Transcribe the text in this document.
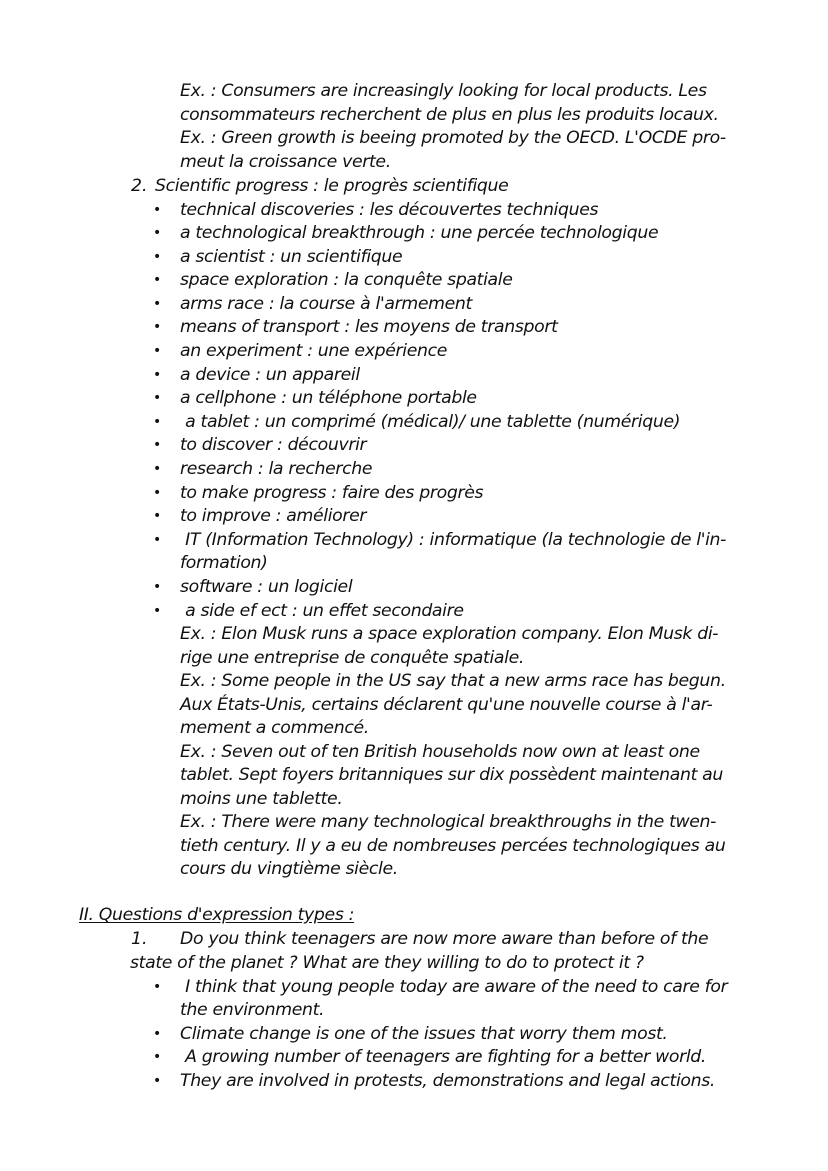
Ex. : Consumers are increasingly looking for local products. Les
consommateurs recherchent de plus en plus les produits locaux.
Ex. : Green growth is beeing promoted by the OECD. L'OCDE pro-
meut la croissance verte.
2. Scientific progress : le progrès scientifique
• technical discoveries : les découvertes techniques
• a technological breakthrough : une percée technologique
• a scientist : un scientifique
• space exploration : la conquête spatiale
• arms race : la course à l'armement
• means of transport : les moyens de transport
• an experiment : une expérience
• a device : un appareil
• a cellphone : un téléphone portable
• a tablet : un comprimé (médical)/ une tablette (numérique)
• to discover : découvrir
• research : la recherche
• to make progress : faire des progrès
• to improve : améliorer
• IT (Information Technology) : informatique (la technologie de l'in-
formation)
• software : un logiciel
• a side ef ect : un effet secondaire
Ex. : Elon Musk runs a space exploration company. Elon Musk di-
rige une entreprise de conquête spatiale.
Ex. : Some people in the US say that a new arms race has begun.
Aux États-Unis, certains déclarent qu'une nouvelle course à l'ar-
mement a commencé.
Ex. : Seven out of ten British households now own at least one
tablet. Sept foyers britanniques sur dix possèdent maintenant au
moins une tablette.
Ex. : There were many technological breakthroughs in the twen-
tieth century. Il y a eu de nombreuses percées technologiques au
cours du vingtième siècle.
II. Questions d'expression types :
1. Do you think teenagers are now more aware than before of the
state of the planet ? What are they willing to do to protect it ?
• I think that young people today are aware of the need to care for
the environment.
• Climate change is one of the issues that worry them most.
• A growing number of teenagers are fighting for a better world.
• They are involved in protests, demonstrations and legal actions.
